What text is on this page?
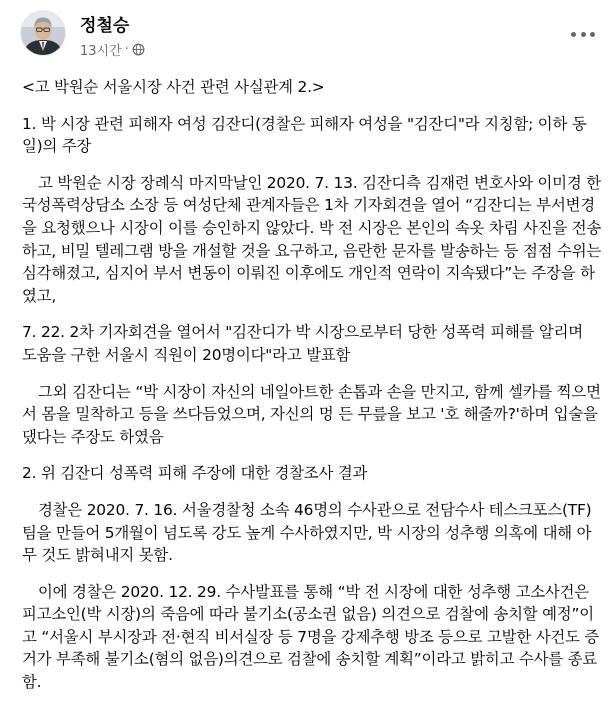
정철승
13시간 ·

<고 박원순 서울시장 사건 관련 사실관계 2.>

1. 박 시장 관련 피해자 여성 김잔디(경찰은 피해자 여성을 "김잔디"라 지칭함; 이하 동일)의 주장

고 박원순 시장 장례식 마지막날인 2020. 7. 13. 김잔디측 김재련 변호사와 이미경 한국성폭력상담소 소장 등 여성단체 관계자들은 1차 기자회견을 열어 “김잔디는 부서변경을 요청했으나 시장이 이를 승인하지 않았다. 박 전 시장은 본인의 속옷 차림 사진을 전송하고, 비밀 텔레그램 방을 개설할 것을 요구하고, 음란한 문자를 발송하는 등 점점 수위는 심각해졌고, 심지어 부서 변동이 이뤄진 이후에도 개인적 연락이 지속됐다”는 주장을 하였고,

7. 22. 2차 기자회견을 열어서 "김잔디가 박 시장으로부터 당한 성폭력 피해를 알리며 도움을 구한 서울시 직원이 20명이다"라고 발표함

그외 김잔디는 “박 시장이 자신의 네일아트한 손톱과 손을 만지고, 함께 셀카를 찍으면서 몸을 밀착하고 등을 쓰다듬었으며, 자신의 멍 든 무릎을 보고 '호 해줄까?'하며 입술을 댔다는 주장도 하였음

2. 위 김잔디 성폭력 피해 주장에 대한 경찰조사 결과

경찰은 2020. 7. 16. 서울경찰청 소속 46명의 수사관으로 전담수사 테스크포스(TF)팀을 만들어 5개월이 넘도록 강도 높게 수사하였지만, 박 시장의 성추행 의혹에 대해 아무 것도 밝혀내지 못함.

이에 경찰은 2020. 12. 29. 수사발표를 통해 “박 전 시장에 대한 성추행 고소사건은 피고소인(박 시장)의 죽음에 따라 불기소(공소권 없음) 의견으로 검찰에 송치할 예정”이고 “서울시 부시장과 전·현직 비서실장 등 7명을 강제추행 방조 등으로 고발한 사건도 증거가 부족해 불기소(혐의 없음)의견으로 검찰에 송치할 계획”이라고 밝히고 수사를 종료함.
